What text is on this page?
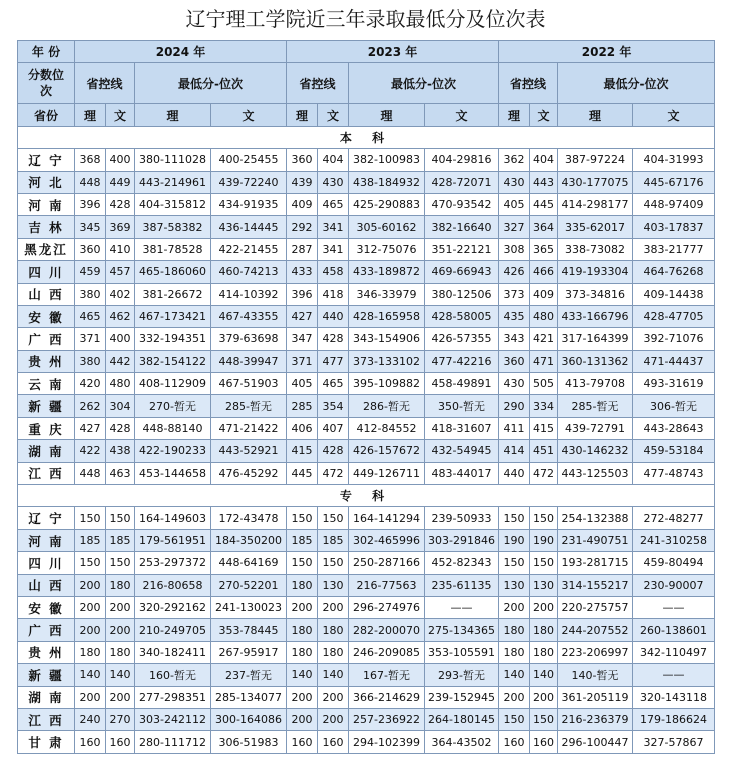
辽宁理工学院近三年录取最低分及位次表
年 份	2024 年				2023 年				2022 年			

分数位次	省控线		最低分-位次		省控线		最低分-位次		省控线		最低分-位次	
省份	理	文	理	文	理	文	理	文	理	文	理	文
本 科												
辽 宁	368	400	380-111028	400-25455	360	404	382-100983	404-29816	362	404	387-97224	404-31993
河 北	448	449	443-214961	439-72240	439	430	438-184932	428-72071	430	443	430-177075	445-67176
河 南	396	428	404-315812	434-91935	409	465	425-290883	470-93542	405	445	414-298177	448-97409
吉 林	345	369	387-58382	436-14445	292	341	305-60162	382-16640	327	364	335-62017	403-17837
黑龙江	360	410	381-78528	422-21455	287	341	312-75076	351-22121	308	365	338-73082	383-21777
四 川	459	457	465-186060	460-74213	433	458	433-189872	469-66943	426	466	419-193304	464-76268
山 西	380	402	381-26672	414-10392	396	418	346-33979	380-12506	373	409	373-34816	409-14438
安 徽	465	462	467-173421	467-43355	427	440	428-165958	428-58005	435	480	433-166796	428-47705
广 西	371	400	332-194351	379-63698	347	428	343-154906	426-57355	343	421	317-164399	392-71076
贵 州	380	442	382-154122	448-39947	371	477	373-133102	477-42216	360	471	360-131362	471-44437
云 南	420	480	408-112909	467-51903	405	465	395-109882	458-49891	430	505	413-79708	493-31619
新 疆	262	304	270-暂无	285-暂无	285	354	286-暂无	350-暂无	290	334	285-暂无	306-暂无
重 庆	427	428	448-88140	471-21422	406	407	412-84552	418-31607	411	415	439-72791	443-28643
湖 南	422	438	422-190233	443-52921	415	428	426-157672	432-54945	414	451	430-146232	459-53184
江 西	448	463	453-144658	476-45292	445	472	449-126711	483-44017	440	472	443-125503	477-48743
专 科												
辽 宁	150	150	164-149603	172-43478	150	150	164-141294	239-50933	150	150	254-132388	272-48277
河 南	185	185	179-561951	184-350200	185	185	302-465996	303-291846	190	190	231-490751	241-310258
四 川	150	150	253-297372	448-64169	150	150	250-287166	452-82343	150	150	193-281715	459-80494
山 西	200	180	216-80658	270-52201	180	130	216-77563	235-61135	130	130	314-155217	230-90007
安 徽	200	200	320-292162	241-130023	200	200	296-274976	——	200	200	220-275757	——
广 西	200	200	210-249705	353-78445	180	180	282-200070	275-134365	180	180	244-207552	260-138601
贵 州	180	180	340-182411	267-95917	180	180	246-209085	353-105591	180	180	223-206997	342-110497
新 疆	140	140	160-暂无	237-暂无	140	140	167-暂无	293-暂无	140	140	140-暂无	——
湖 南	200	200	277-298351	285-134077	200	200	366-214629	239-152945	200	200	361-205119	320-143118
江 西	240	270	303-242112	300-164086	200	200	257-236922	264-180145	150	150	216-236379	179-186624
甘 肃	160	160	280-111712	306-51983	160	160	294-102399	364-43502	160	160	296-100447	327-57867
